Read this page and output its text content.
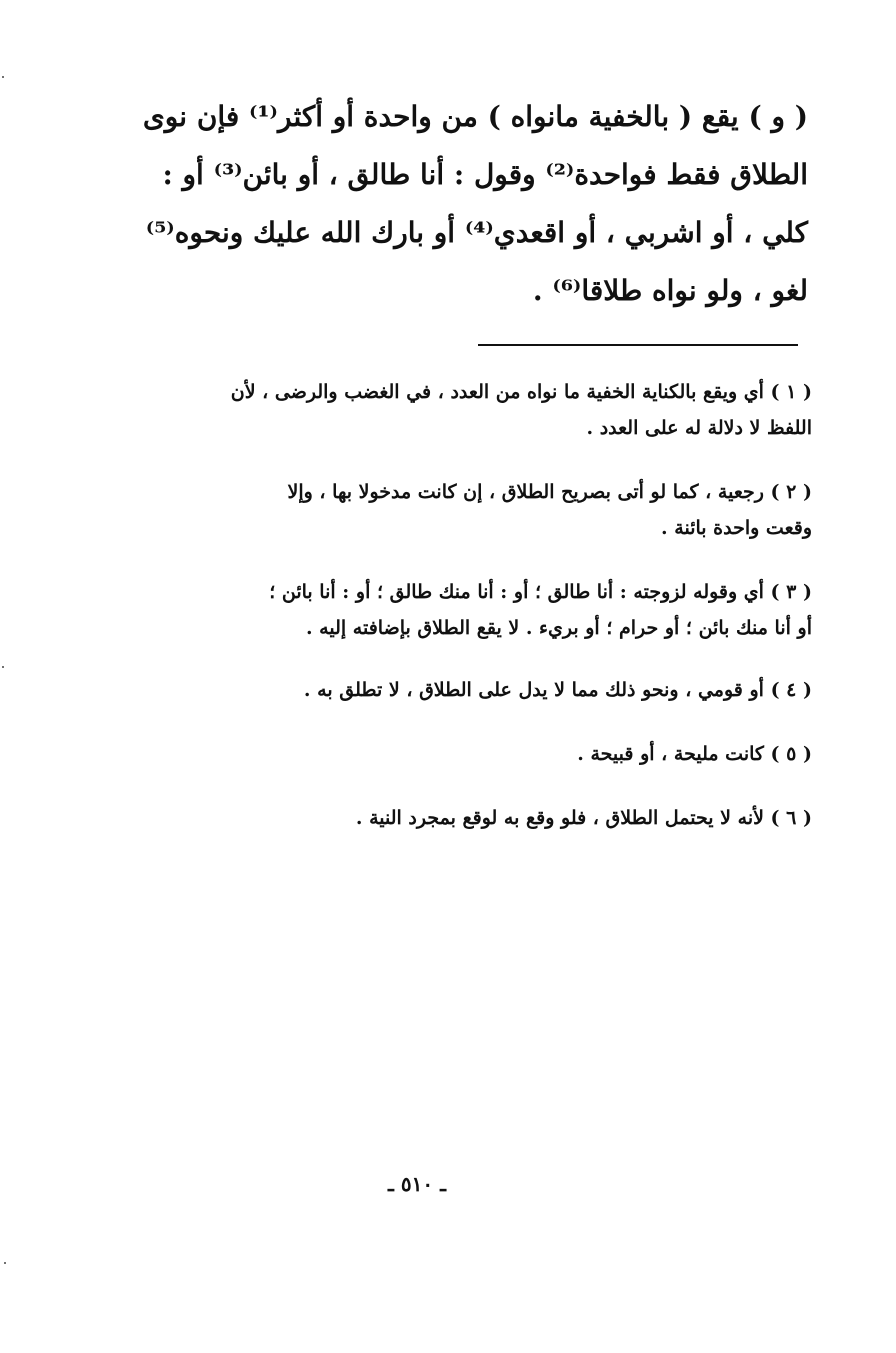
( و ) يقع ( بالخفية مانواه ) من واحدة أو أكثر⁽¹⁾ فإن نوى
الطلاق فقط فواحدة⁽²⁾ وقول : أنا طالق ، أو بائن⁽³⁾ أو :
كلي ، أو اشربي ، أو اقعدي⁽⁴⁾ أو بارك الله عليك ونحوه⁽⁵⁾
لغو ، ولو نواه طلاقا⁽⁶⁾ .
( ١ ) أي ويقع بالكناية الخفية ما نواه من العدد ، في الغضب والرضى ، لأن
اللفظ لا دلالة له على العدد .
( ٢ ) رجعية ، كما لو أتى بصريح الطلاق ، إن كانت مدخولا بها ، وإلا
وقعت واحدة بائنة .
( ٣ ) أي وقوله لزوجته : أنا طالق ؛ أو : أنا منك طالق ؛ أو : أنا بائن ؛
أو أنا منك بائن ؛ أو حرام ؛ أو بريء . لا يقع الطلاق بإضافته إليه .
( ٤ ) أو قومي ، ونحو ذلك مما لا يدل على الطلاق ، لا تطلق به .
( ٥ ) كانت مليحة ، أو قبيحة .
( ٦ ) لأنه لا يحتمل الطلاق ، فلو وقع به لوقع بمجرد النية .
ـ ٥١٠ ـ
